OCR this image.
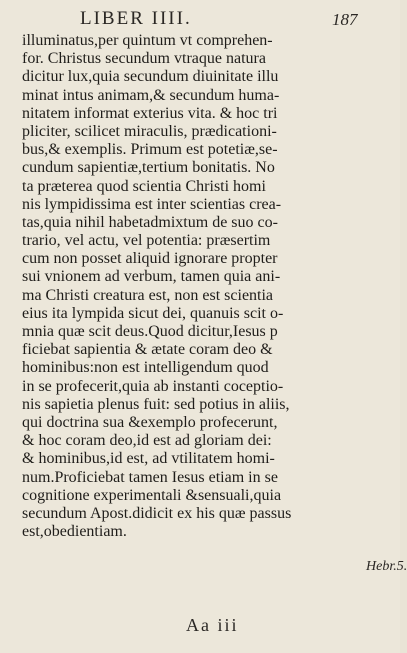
LIBER IIII.	187
illuminatus,per quintum vt comprehen-
for. Christus secundum vtraque natura
dicitur lux,quia secundum diuinitate illu
minat intus animam,& secundum huma-
nitatem informat exterius vita. & hoc tri
pliciter, scilicet miraculis, prædicationi-
bus,& exemplis. Primum est potetiæ,se-
cundum sapientiæ,tertium bonitatis. No
ta præterea quod scientia Christi homi
nis lympidissima est inter scientias crea-
tas,quia nihil habetadmixtum de suo co-
trario, vel actu, vel potentia: præsertim
cum non posset aliquid ignorare propter
sui vnionem ad verbum, tamen quia ani-
ma Christi creatura est, non est scientia
eius ita lympida sicut dei, quanuis scit o-
mnia quæ scit deus.Quod dicitur,Iesus p
ficiebat sapientia & ætate coram deo &
hominibus:non est intelligendum quod
in se profecerit,quia ab instanti coceptio-
nis sapietia plenus fuit: sed potius in aliis,
qui doctrina sua &exemplo profecerunt,
& hoc coram deo,id est ad gloriam dei:
& hominibus,id est, ad vtilitatem homi-
num.Proficiebat tamen Iesus etiam in se
cognitione experimentali &sensuali,quia
secundum Apost.didicit ex his quæ passus
est,obedientiam.
Hebr.5.
Aa iii
